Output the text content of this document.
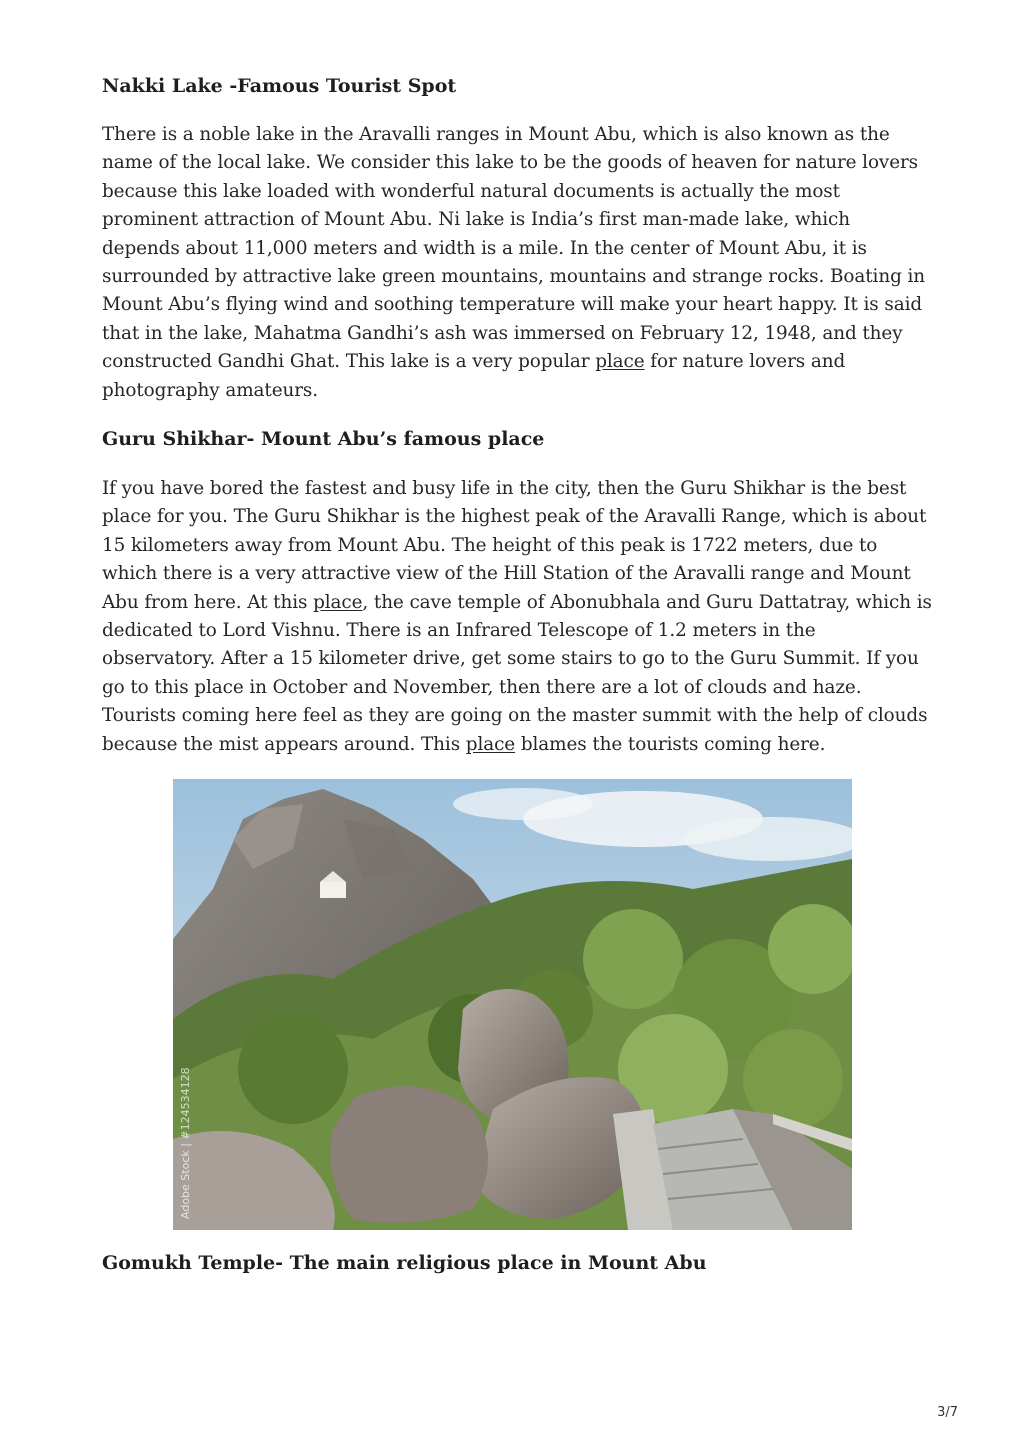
Nakki Lake -Famous Tourist Spot

There is a noble lake in the Aravalli ranges in Mount Abu, which is also known as the name of the local lake. We consider this lake to be the goods of heaven for nature lovers because this lake loaded with wonderful natural documents is actually the most prominent attraction of Mount Abu. Ni lake is India’s first man-made lake, which depends about 11,000 meters and width is a mile. In the center of Mount Abu, it is surrounded by attractive lake green mountains, mountains and strange rocks. Boating in Mount Abu’s flying wind and soothing temperature will make your heart happy. It is said that in the lake, Mahatma Gandhi’s ash was immersed on February 12, 1948, and they constructed Gandhi Ghat. This lake is a very popular place for nature lovers and photography amateurs.

Guru Shikhar- Mount Abu’s famous place

If you have bored the fastest and busy life in the city, then the Guru Shikhar is the best place for you. The Guru Shikhar is the highest peak of the Aravalli Range, which is about 15 kilometers away from Mount Abu. The height of this peak is 1722 meters, due to which there is a very attractive view of the Hill Station of the Aravalli range and Mount Abu from here. At this place, the cave temple of Abonubhala and Guru Dattatray, which is dedicated to Lord Vishnu. There is an Infrared Telescope of 1.2 meters in the observatory. After a 15 kilometer drive, get some stairs to go to the Guru Summit. If you go to this place in October and November, then there are a lot of clouds and haze. Tourists coming here feel as they are going on the master summit with the help of clouds because the mist appears around. This place blames the tourists coming here.

Adobe Stock | #124534128
Gomukh Temple- The main religious place in Mount Abu
3/7
